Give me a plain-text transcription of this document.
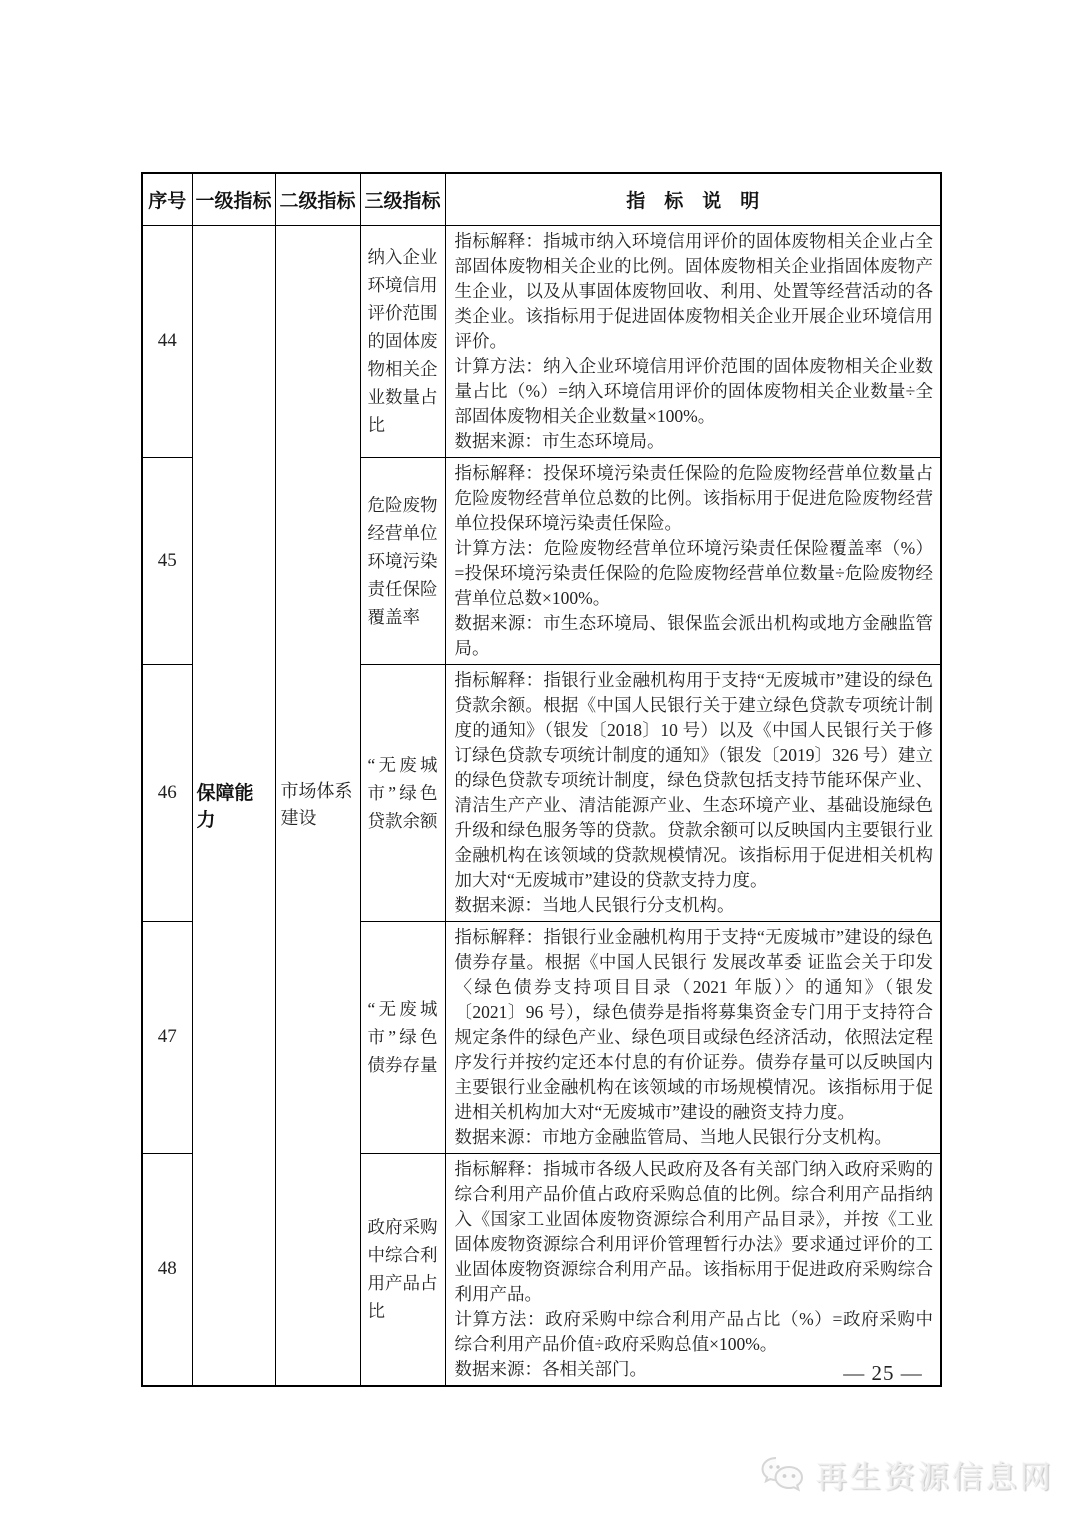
序号	一级指标	二级指标	三级指标	指　标　说　明
44	保障能力	市场体系建设	纳入企业环境信用评价范围的固体废物相关企业数量占比	指标解释：指城市纳入环境信用评价的固体废物相关企业占全部固体废物相关企业的比例。固体废物相关企业指固体废物产生企业，以及从事固体废物回收、利用、处置等经营活动的各类企业。该指标用于促进固体废物相关企业开展企业环境信用评价。

计算方法：纳入企业环境信用评价范围的固体废物相关企业数量占比（%）=纳入环境信用评价的固体废物相关企业数量÷全部固体废物相关企业数量×100%。

数据来源：市生态环境局。

45			危险废物经营单位环境污染责任保险覆盖率	指标解释：投保环境污染责任保险的危险废物经营单位数量占危险废物经营单位总数的比例。该指标用于促进危险废物经营单位投保环境污染责任保险。

计算方法：危险废物经营单位环境污染责任保险覆盖率（%）=投保环境污染责任保险的危险废物经营单位数量÷危险废物经营单位总数×100%。

数据来源：市生态环境局、银保监会派出机构或地方金融监管局。

46			“无废城市”绿色贷款余额	指标解释：指银行业金融机构用于支持“无废城市”建设的绿色贷款余额。根据《中国人民银行关于建立绿色贷款专项统计制度的通知》（银发〔2018〕10 号）以及《中国人民银行关于修订绿色贷款专项统计制度的通知》（银发〔2019〕326 号）建立的绿色贷款专项统计制度，绿色贷款包括支持节能环保产业、清洁生产产业、清洁能源产业、生态环境产业、基础设施绿色升级和绿色服务等的贷款。贷款余额可以反映国内主要银行业金融机构在该领域的贷款规模情况。该指标用于促进相关机构加大对“无废城市”建设的贷款支持力度。

数据来源：当地人民银行分支机构。

47			“无废城市”绿色债券存量	指标解释：指银行业金融机构用于支持“无废城市”建设的绿色债券存量。根据《中国人民银行 发展改革委 证监会关于印发〈绿色债券支持项目目录（2021 年版）〉的通知》（银发〔2021〕96 号），绿色债券是指将募集资金专门用于支持符合规定条件的绿色产业、绿色项目或绿色经济活动，依照法定程序发行并按约定还本付息的有价证券。债券存量可以反映国内主要银行业金融机构在该领域的市场规模情况。该指标用于促进相关机构加大对“无废城市”建设的融资支持力度。

数据来源：市地方金融监管局、当地人民银行分支机构。

48			政府采购中综合利用产品占比	指标解释：指城市各级人民政府及各有关部门纳入政府采购的综合利用产品价值占政府采购总值的比例。综合利用产品指纳入《国家工业固体废物资源综合利用产品目录》，并按《工业固体废物资源综合利用评价管理暂行办法》要求通过评价的工业固体废物资源综合利用产品。该指标用于促进政府采购综合利用产品。

计算方法：政府采购中综合利用产品占比（%）=政府采购中综合利用产品价值÷政府采购总值×100%。

数据来源：各相关部门。	— 25 —
再生资源信息网
